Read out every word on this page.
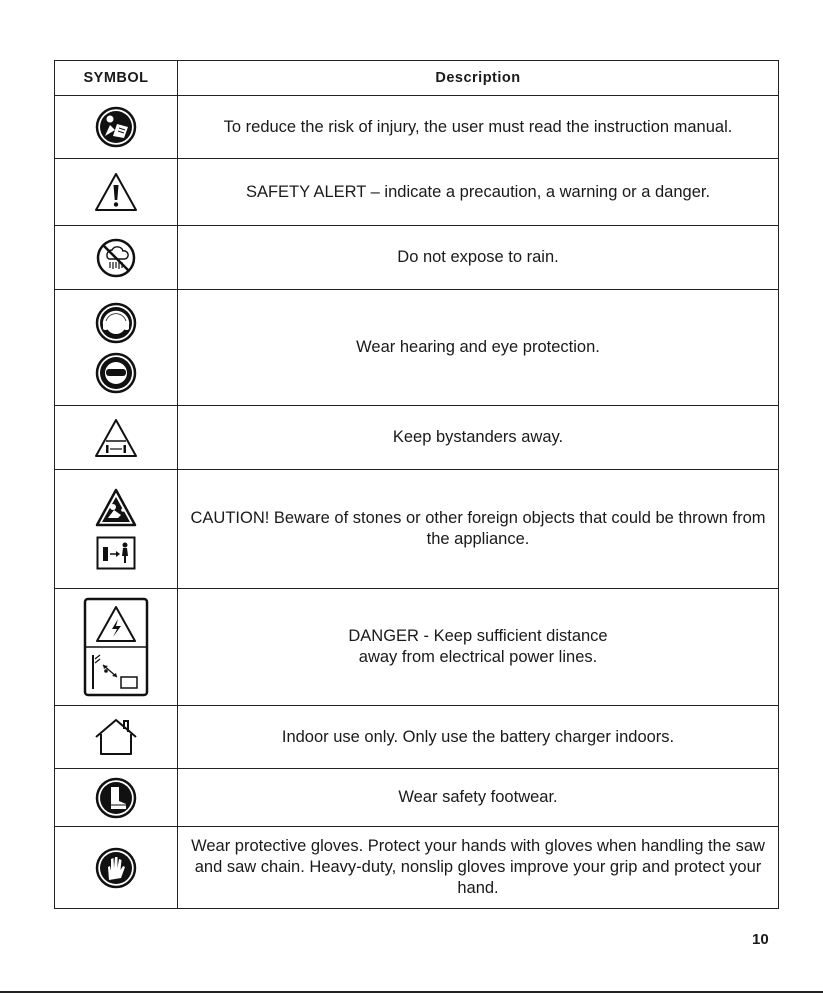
SYMBOL	Description
To reduce the risk of injury, the user must read the instruction manual.
SAFETY ALERT – indicate a precaution, a warning or a danger.
Do not expose to rain.
Wear hearing and eye protection.
Keep bystanders away.
CAUTION! Beware of stones or other foreign objects that could be thrown from the appliance.
DANGER - Keep sufficient distance
away from electrical power lines.
Indoor use only. Only use the battery charger indoors.
Wear safety footwear.
Wear protective gloves. Protect your hands with gloves when handling the saw and saw chain. Heavy-duty, nonslip gloves improve your grip and protect your hand.
10
